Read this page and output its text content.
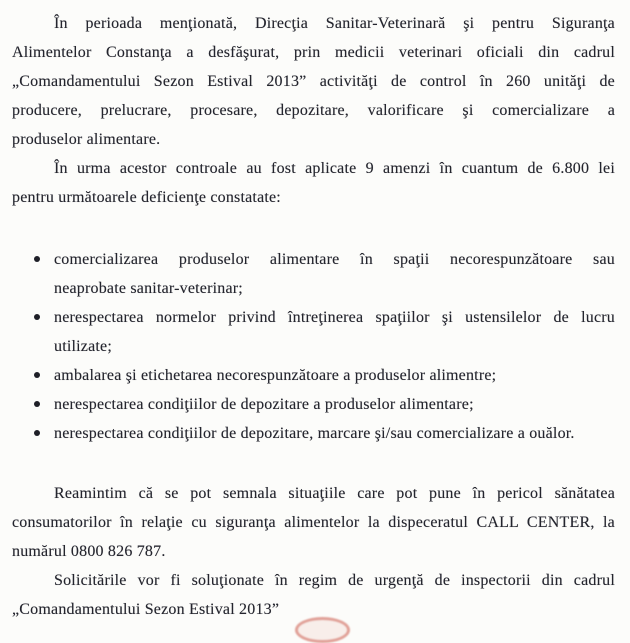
În perioada menţionată, Direcţia Sanitar-Veterinară şi pentru Siguranţa
Alimentelor Constanţa a desfăşurat, prin medicii veterinari oficiali din cadrul
„Comandamentului Sezon Estival 2013” activităţi de control în 260 unităţi de
producere, prelucrare, procesare, depozitare, valorificare şi comercializare a
produselor alimentare.
În urma acestor controale au fost aplicate 9 amenzi în cuantum de 6.800 lei
pentru următoarele deficienţe constatate:
comercializarea produselor alimentare în spaţii necorespunzătoare sau
neaprobate sanitar-veterinar;
nerespectarea normelor privind întreţinerea spaţiilor şi ustensilelor de lucru
utilizate;
ambalarea şi etichetarea necorespunzătoare a produselor alimentre;
nerespectarea condiţiilor de depozitare a produselor alimentare;
nerespectarea condiţiilor de depozitare, marcare şi/sau comercializare a ouălor.
Reamintim că se pot semnala situaţiile care pot pune în pericol sănătatea
consumatorilor în relaţie cu siguranţa alimentelor la dispeceratul CALL CENTER, la
numărul 0800 826 787.
Solicitările vor fi soluţionate în regim de urgenţă de inspectorii din cadrul
„Comandamentului Sezon Estival 2013”
